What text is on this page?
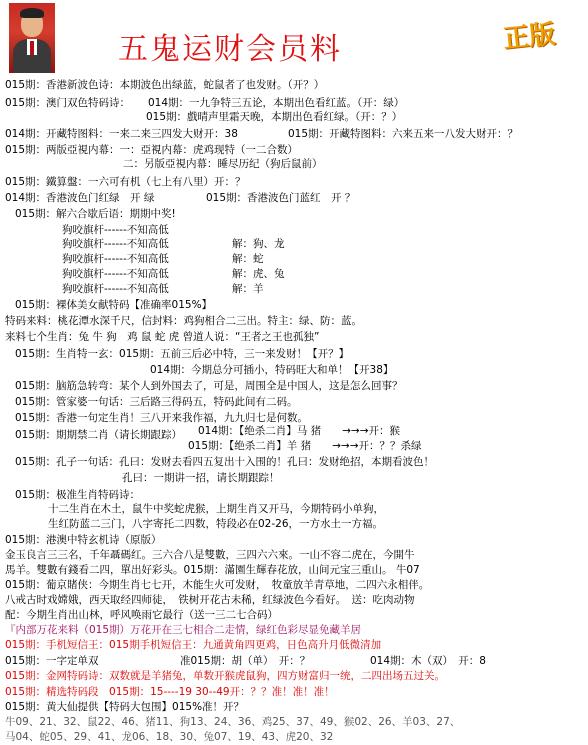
五鬼运财会员料	正版
015期：香港新波色诗：本期波色出绿蓝，蛇鼠者了也发财。（开？）
015期：澳门双色特码诗： 014期：一九争特三五论，本期出色看红蓝。（开：绿）
015期：戲晴声里霜天晚，本期出色看红绿。（开：？）
014期：开藏特图料：一来二来三四发大财开：38	015期：开藏特图料：六来五来一八发大财开：？
015期：两版亞視内幕：一：亞視内幕：虎鸡现特（一二合数）
二：另版亞視内幕：睡尽历纪（狗后鼠前）
015期：鐵算盤：一六可有机（七上有八里）开：？
014期：香港波色门红绿　开 绿	015期：香港波色门蓝红　开 ？
015期：解六合歇后语：期期中奖!
狗咬旗杆------不知高低
狗咬旗杆------不知高低	解：狗、龙
狗咬旗杆------不知高低	解：蛇
狗咬旗杆------不知高低	解：虎、兔
狗咬旗杆------不知高低	解：羊
015期：裸体美女献特码【准确率015%】
特码来料：桃花潭水深千尺，信封料：鸡狗相合二三出。特主：绿、防：蓝。
来料七个生肖：兔 牛 狗　鸡 鼠 蛇 虎 曾道人说：“王者之王也孤独”
015期：生肖特一玄：015期：五前三后必中特，三一来发财！【开？】
014期：今期总分可插小，特码旺大和单！【开38】
015期：脑筋急转弯：某个人到外国去了，可是，周围全是中国人，这是怎么回事？
015期：管家婆一句话：三后路三得码五，特码此间有二码。
015期：香港一句定生肖！三八开来我作福，九九归七是何数。
015期：期期禁二肖（请长期跟踪） 014期：【绝杀二肖】马 猪　　→→→开：猴
015期：【绝杀二肖】羊 猪　　→→→开：？？杀绿
015期：孔子一句话：孔曰：发财去看四五复出十入围的！孔曰：发财绝招，本期看波色！
孔曰：一期讲一招，请长期跟踪！
015期：极准生肖特码诗：
十二生肖在木土，鼠牛中奖蛇虎猴，上期生肖又开马，今期特码小单狗，
生红防蓝二三门，八字寄托二四数，特段必在02-26，一方水土一方福。
015期：港澳中特玄机诗（原版）
金玉良言三三名，千年聶碼红。三六合八是雙數，三四六六來。一山不容二虎在，今開牛
馬羊。雙數有錢看二四，單出好彩头。015期：滿園生輝春花放，山间元宝三重山。 牛07
015期：葡京賭侠：今期生肖七七开，木能生火可发财，　牧童放羊青草地，二四六永相伴。
八戒古时戏嫦娥，西天取经四师徒，　铁树开花古未稀，红绿波色今看好。　送：吃肉动物
配：今期生肖出山林，呼风唤雨它最行（送一三二七合码）
『内部万花来料（015期）万花开在三七相合二走情，绿红色彩尽显免藏羊居
015期：手机短信王：015期手机短信王：九通黄角四更鸡，日色高升月低微清加
015期：一字定单双	准015期：胡（单）　开：？	014期：木（双）　开：8
015期：金网特码诗：双数就是羊猪兔，单数开猴虎鼠狗，四方财富归一统，二四出场五过关。
015期：精选特码段　015期：15----19 30--49开：？？准！准！准！
015期：黄大仙提供【特码大包围】015%准！开？
牛09、21、32、鼠22、46、猪11、狗13、24、36、鸡25、37、49、猴02、26、羊03、27、
马04、蛇05、29、41、龙06、18、30、兔07、19、43、虎20、32
